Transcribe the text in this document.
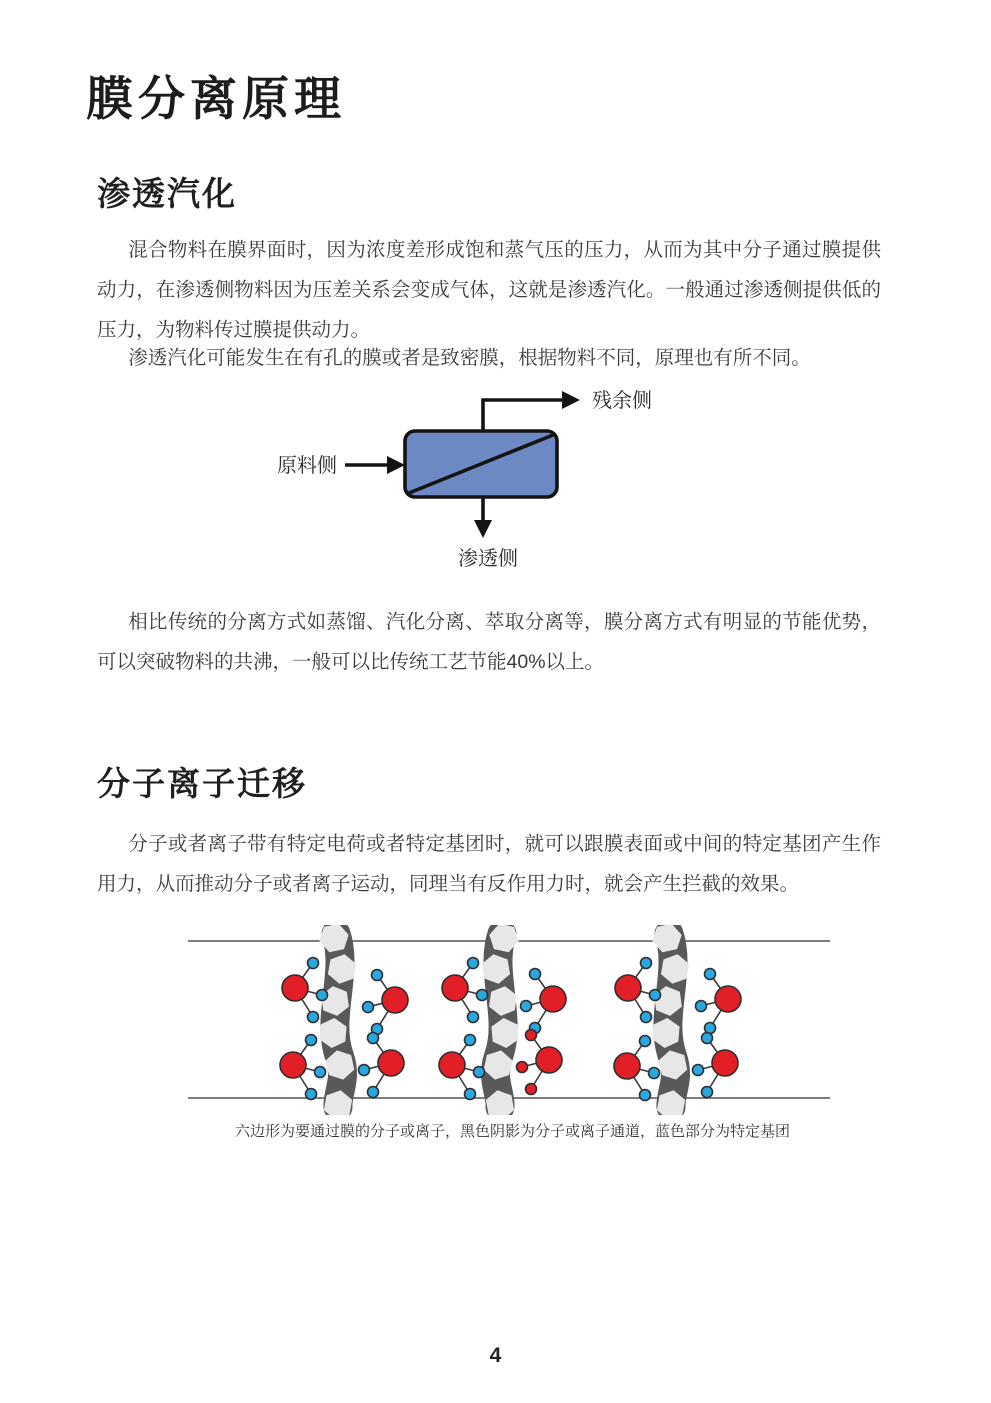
膜分离原理
渗透汽化

混合物料在膜界面时，因为浓度差形成饱和蒸气压的压力，从而为其中分子通过膜提供动力，在渗透侧物料因为压差关系会变成气体，这就是渗透汽化。一般通过渗透侧提供低的压力，为物料传过膜提供动力。

渗透汽化可能发生在有孔的膜或者是致密膜，根据物料不同，原理也有所不同。

残余侧
原料侧
渗透侧

相比传统的分离方式如蒸馏、汽化分离、萃取分离等，膜分离方式有明显的节能优势，可以突破物料的共沸，一般可以比传统工艺节能40%以上。

分子离子迁移

分子或者离子带有特定电荷或者特定基团时，就可以跟膜表面或中间的特定基团产生作用力，从而推动分子或者离子运动，同理当有反作用力时，就会产生拦截的效果。

六边形为要通过膜的分子或离子，黑色阴影为分子或离子通道，蓝色部分为特定基团
4
